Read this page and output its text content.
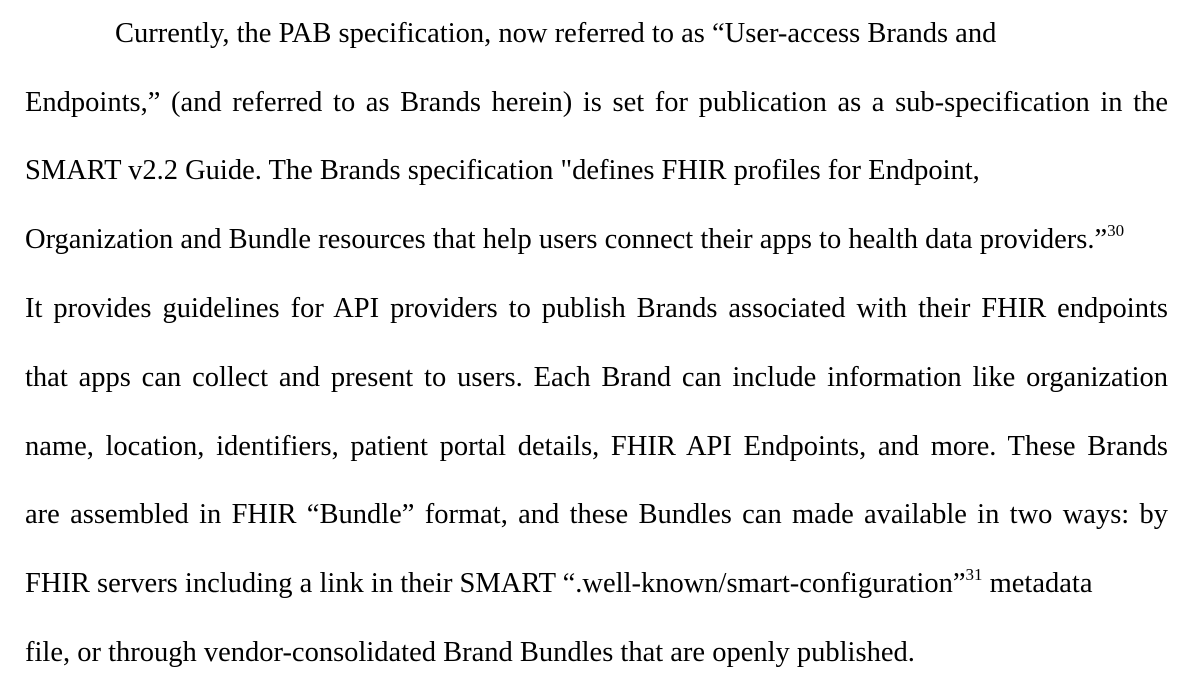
Currently, the PAB specification, now referred to as “User-access Brands and
Endpoints,” (and referred to as Brands herein) is set for publication as a sub-specification in the
SMART v2.2 Guide. The Brands specification "defines FHIR profiles for Endpoint,
Organization and Bundle resources that help users connect their apps to health data providers.”$^{30}$
It provides guidelines for API providers to publish Brands associated with their FHIR endpoints
that apps can collect and present to users. Each Brand can include information like organization
name, location, identifiers, patient portal details, FHIR API Endpoints, and more. These Brands
are assembled in FHIR “Bundle” format, and these Bundles can made available in two ways: by
FHIR servers including a link in their SMART “.well-known/smart-configuration”$^{31}$ metadata
file, or through vendor-consolidated Brand Bundles that are openly published.
